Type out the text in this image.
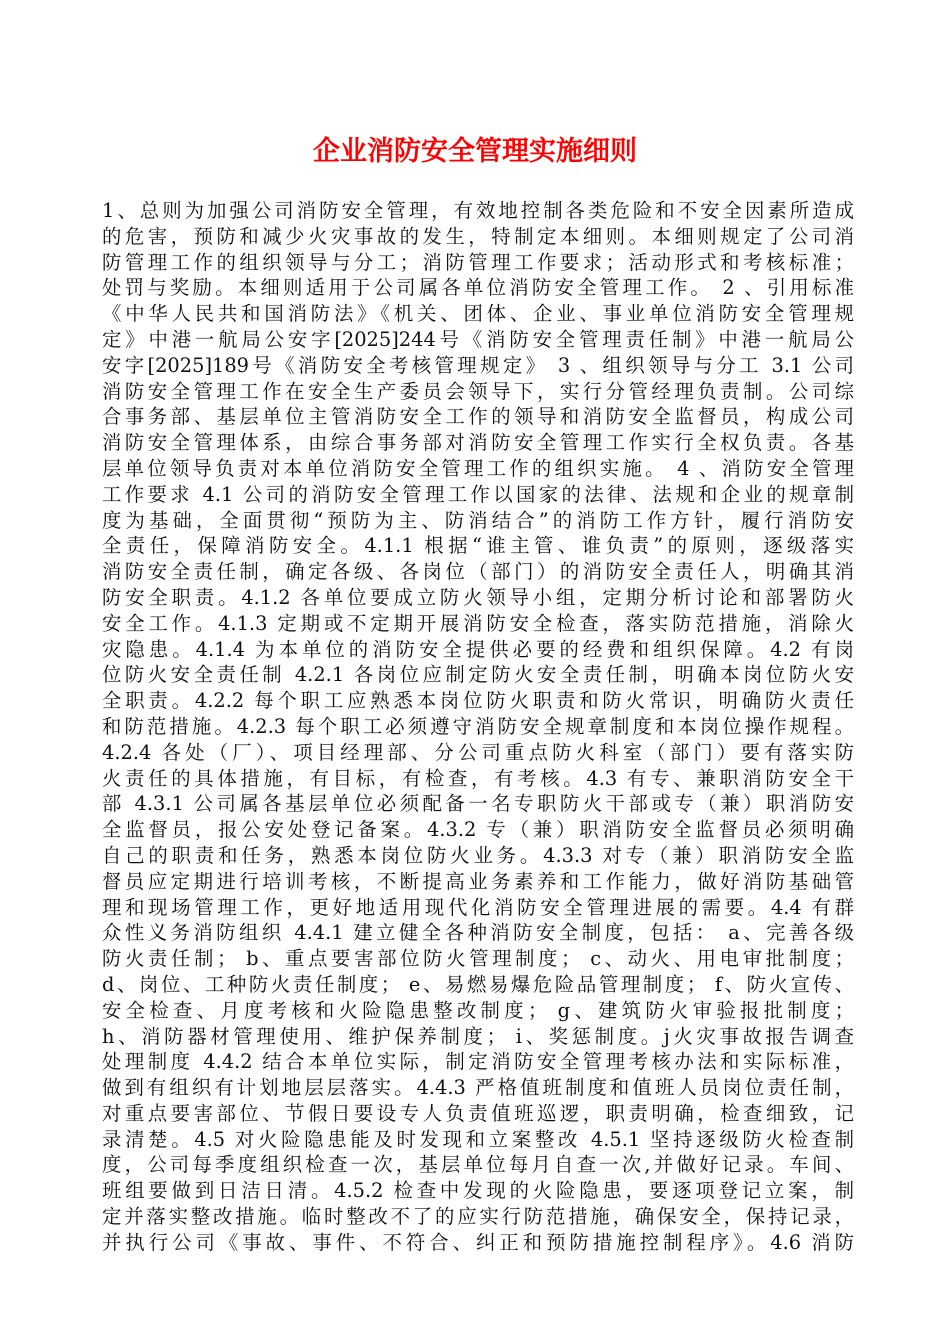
企业消防安全管理实施细则
1、总则为加强公司消防安全管理，有效地控制各类危险和不安全因素所造成
的危害，预防和减少火灾事故的发生，特制定本细则。本细则规定了公司消
防管理工作的组织领导与分工；消防管理工作要求；活动形式和考核标准；
处罚与奖励。本细则适用于公司属各单位消防安全管理工作。 2 、引用标准
《中华人民共和国消防法》《机关、团体、企业、事业单位消防安全管理规
定》中港一航局公安字[2025]244号《消防安全管理责任制》中港一航局公
安字[2025]189号《消防安全考核管理规定》 3 、组织领导与分工 3.1 公司
消防安全管理工作在安全生产委员会领导下，实行分管经理负责制。公司综
合事务部、基层单位主管消防安全工作的领导和消防安全监督员，构成公司
消防安全管理体系，由综合事务部对消防安全管理工作实行全权负责。各基
层单位领导负责对本单位消防安全管理工作的组织实施。 4 、消防安全管理
工作要求 4.1 公司的消防安全管理工作以国家的法律、法规和企业的规章制
度为基础，全面贯彻“预防为主、防消结合”的消防工作方针，履行消防安
全责任，保障消防安全。4.1.1 根据“谁主管、谁负责”的原则，逐级落实
消防安全责任制，确定各级、各岗位（部门）的消防安全责任人，明确其消
防安全职责。4.1.2 各单位要成立防火领导小组，定期分析讨论和部署防火
安全工作。4.1.3 定期或不定期开展消防安全检查，落实防范措施，消除火
灾隐患。4.1.4 为本单位的消防安全提供必要的经费和组织保障。4.2 有岗
位防火安全责任制 4.2.1 各岗位应制定防火安全责任制，明确本岗位防火安
全职责。4.2.2 每个职工应熟悉本岗位防火职责和防火常识，明确防火责任
和防范措施。4.2.3 每个职工必须遵守消防安全规章制度和本岗位操作规程。
4.2.4 各处（厂）、项目经理部、分公司重点防火科室（部门）要有落实防
火责任的具体措施，有目标，有检查，有考核。4.3 有专、兼职消防安全干
部 4.3.1 公司属各基层单位必须配备一名专职防火干部或专（兼）职消防安
全监督员，报公安处登记备案。4.3.2 专（兼）职消防安全监督员必须明确
自己的职责和任务，熟悉本岗位防火业务。4.3.3 对专（兼）职消防安全监
督员应定期进行培训考核，不断提高业务素养和工作能力，做好消防基础管
理和现场管理工作，更好地适用现代化消防安全管理进展的需要。4.4 有群
众性义务消防组织 4.4.1 建立健全各种消防安全制度，包括： a、完善各级
防火责任制； b、重点要害部位防火管理制度； c、动火、用电审批制度；
d、岗位、工种防火责任制度； e、易燃易爆危险品管理制度； f、防火宣传、
安全检查、月度考核和火险隐患整改制度； g、建筑防火审验报批制度；
h、消防器材管理使用、维护保养制度； i、奖惩制度。j火灾事故报告调查
处理制度 4.4.2 结合本单位实际，制定消防安全管理考核办法和实际标准，
做到有组织有计划地层层落实。4.4.3 严格值班制度和值班人员岗位责任制，
对重点要害部位、节假日要设专人负责值班巡逻，职责明确，检查细致，记
录清楚。4.5 对火险隐患能及时发现和立案整改 4.5.1 坚持逐级防火检查制
度，公司每季度组织检查一次，基层单位每月自查一次,并做好记录。车间、
班组要做到日洁日清。4.5.2 检查中发现的火险隐患，要逐项登记立案，制
定并落实整改措施。临时整改不了的应实行防范措施，确保安全，保持记录，
并执行公司《事故、事件、不符合、纠正和预防措施控制程序》。4.6 消防
